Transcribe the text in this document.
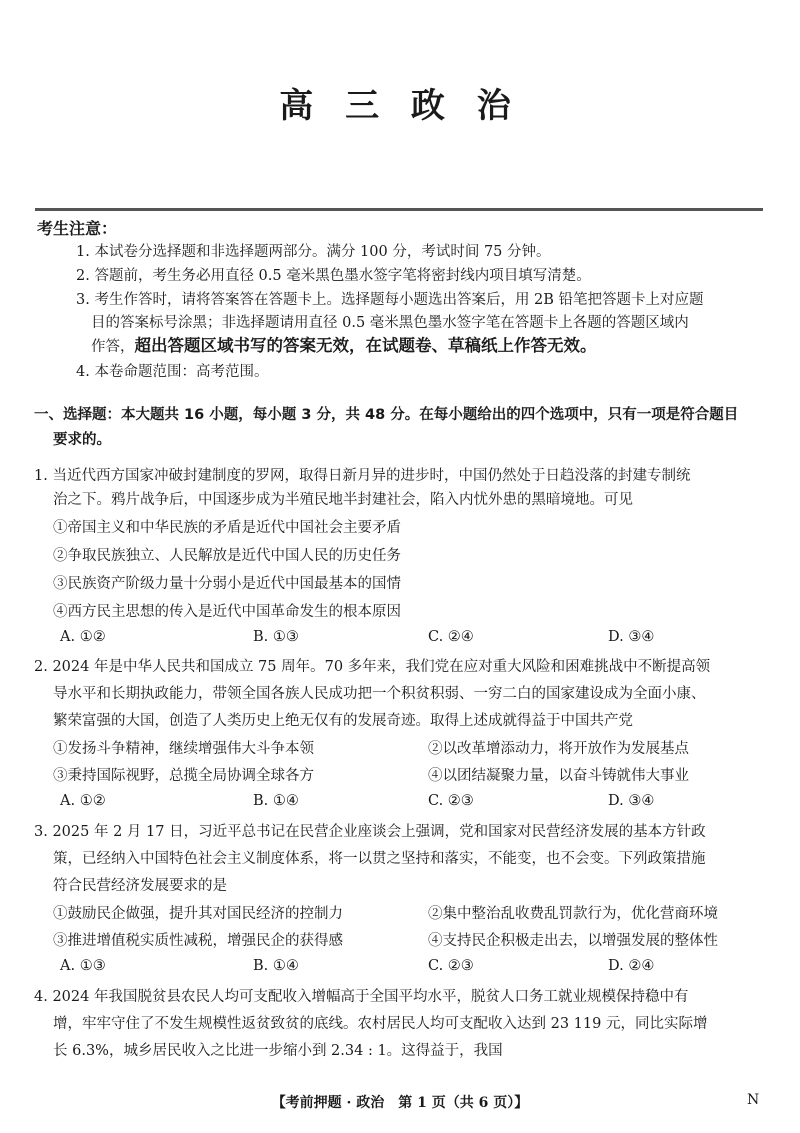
高 三 政 治
考生注意：
1. 本试卷分选择题和非选择题两部分。满分 100 分，考试时间 75 分钟。
2. 答题前，考生务必用直径 0.5 毫米黑色墨水签字笔将密封线内项目填写清楚。
3. 考生作答时，请将答案答在答题卡上。选择题每小题选出答案后，用 2B 铅笔把答题卡上对应题
目的答案标号涂黑；非选择题请用直径 0.5 毫米黑色墨水签字笔在答题卡上各题的答题区域内
作答，超出答题区域书写的答案无效，在试题卷、草稿纸上作答无效。
4. 本卷命题范围：高考范围。
一、选择题：本大题共 16 小题，每小题 3 分，共 48 分。在每小题给出的四个选项中，只有一项是符合题目
要求的。
1. 当近代西方国家冲破封建制度的罗网，取得日新月异的进步时，中国仍然处于日趋没落的封建专制统
治之下。鸦片战争后，中国逐步成为半殖民地半封建社会，陷入内忧外患的黑暗境地。可见
①帝国主义和中华民族的矛盾是近代中国社会主要矛盾
②争取民族独立、人民解放是近代中国人民的历史任务
③民族资产阶级力量十分弱小是近代中国最基本的国情
④西方民主思想的传入是近代中国革命发生的根本原因
A. ①②	B. ①③	C. ②④	D. ③④
2. 2024 年是中华人民共和国成立 75 周年。70 多年来，我们党在应对重大风险和困难挑战中不断提高领
导水平和长期执政能力，带领全国各族人民成功把一个积贫积弱、一穷二白的国家建设成为全面小康、
繁荣富强的大国，创造了人类历史上绝无仅有的发展奇迹。取得上述成就得益于中国共产党
①发扬斗争精神，继续增强伟大斗争本领	②以改革增添动力，将开放作为发展基点
③秉持国际视野，总揽全局协调全球各方	④以团结凝聚力量，以奋斗铸就伟大事业
A. ①②	B. ①④	C. ②③	D. ③④
3. 2025 年 2 月 17 日，习近平总书记在民营企业座谈会上强调，党和国家对民营经济发展的基本方针政
策，已经纳入中国特色社会主义制度体系，将一以贯之坚持和落实，不能变，也不会变。下列政策措施
符合民营经济发展要求的是
①鼓励民企做强，提升其对国民经济的控制力	②集中整治乱收费乱罚款行为，优化营商环境
③推进增值税实质性减税，增强民企的获得感	④支持民企积极走出去，以增强发展的整体性
A. ①③	B. ①④	C. ②③	D. ②④
4. 2024 年我国脱贫县农民人均可支配收入增幅高于全国平均水平，脱贫人口务工就业规模保持稳中有
增，牢牢守住了不发生规模性返贫致贫的底线。农村居民人均可支配收入达到 23 119 元，同比实际增
长 6.3%，城乡居民收入之比进一步缩小到 2.34 : 1。这得益于，我国
【考前押题 · 政治　第 1 页（共 6 页）】	N
